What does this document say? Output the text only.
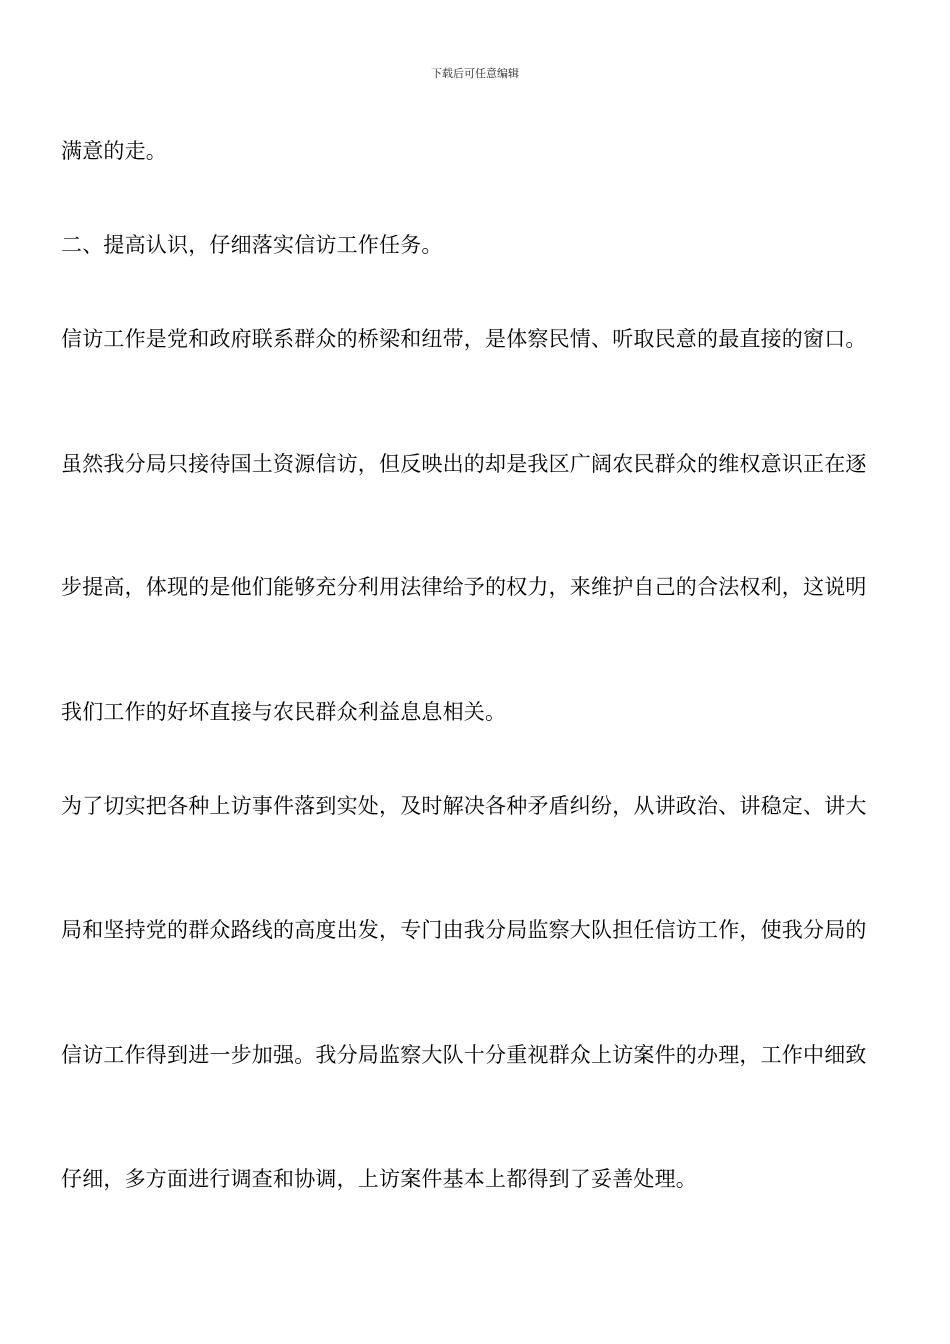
下载后可任意编辑
满意的走。
二、提高认识，仔细落实信访工作任务。
信访工作是党和政府联系群众的桥梁和纽带，是体察民情、听取民意的最直接的窗口。
虽然我分局只接待国土资源信访，但反映出的却是我区广阔农民群众的维权意识正在逐
步提高，体现的是他们能够充分利用法律给予的权力，来维护自己的合法权利，这说明
我们工作的好坏直接与农民群众利益息息相关。
为了切实把各种上访事件落到实处，及时解决各种矛盾纠纷，从讲政治、讲稳定、讲大
局和坚持党的群众路线的高度出发，专门由我分局监察大队担任信访工作，使我分局的
信访工作得到进一步加强。我分局监察大队十分重视群众上访案件的办理，工作中细致
仔细，多方面进行调查和协调，上访案件基本上都得到了妥善处理。
